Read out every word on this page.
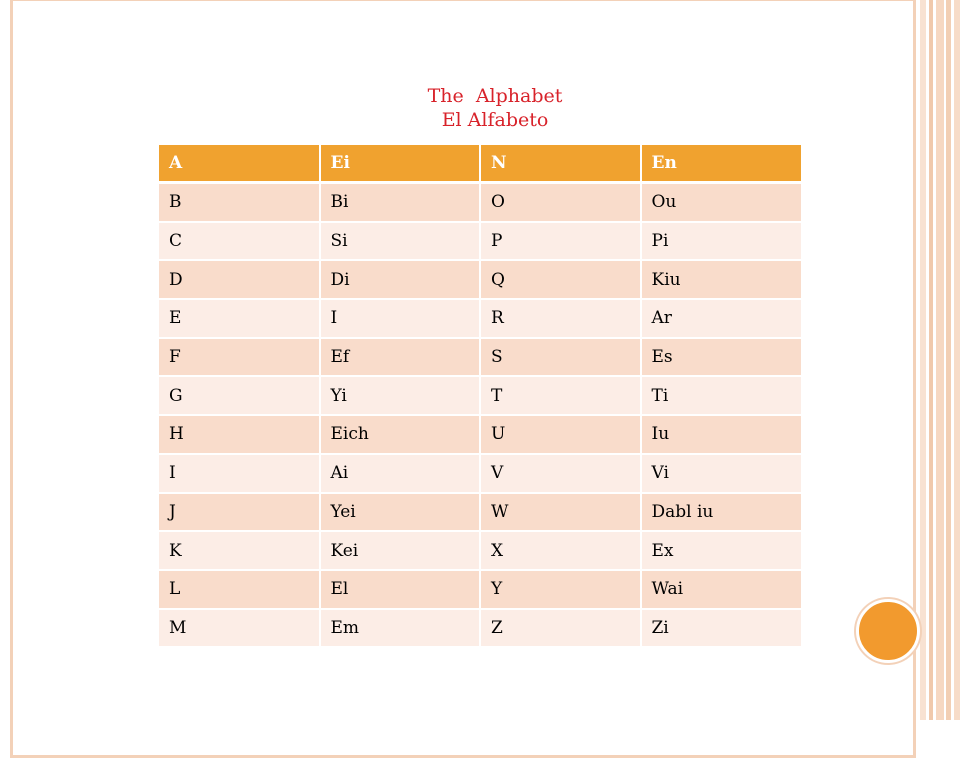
The  Alphabet
El Alfabeto
A	Ei	N	En
B	Bi	O	Ou
C	Si	P	Pi
D	Di	Q	Kiu
E	I	R	Ar
F	Ef	S	Es
G	Yi	T	Ti
H	Eich	U	Iu
I	Ai	V	Vi
J	Yei	W	Dabl iu
K	Kei	X	Ex
L	El	Y	Wai
M	Em	Z	Zi
